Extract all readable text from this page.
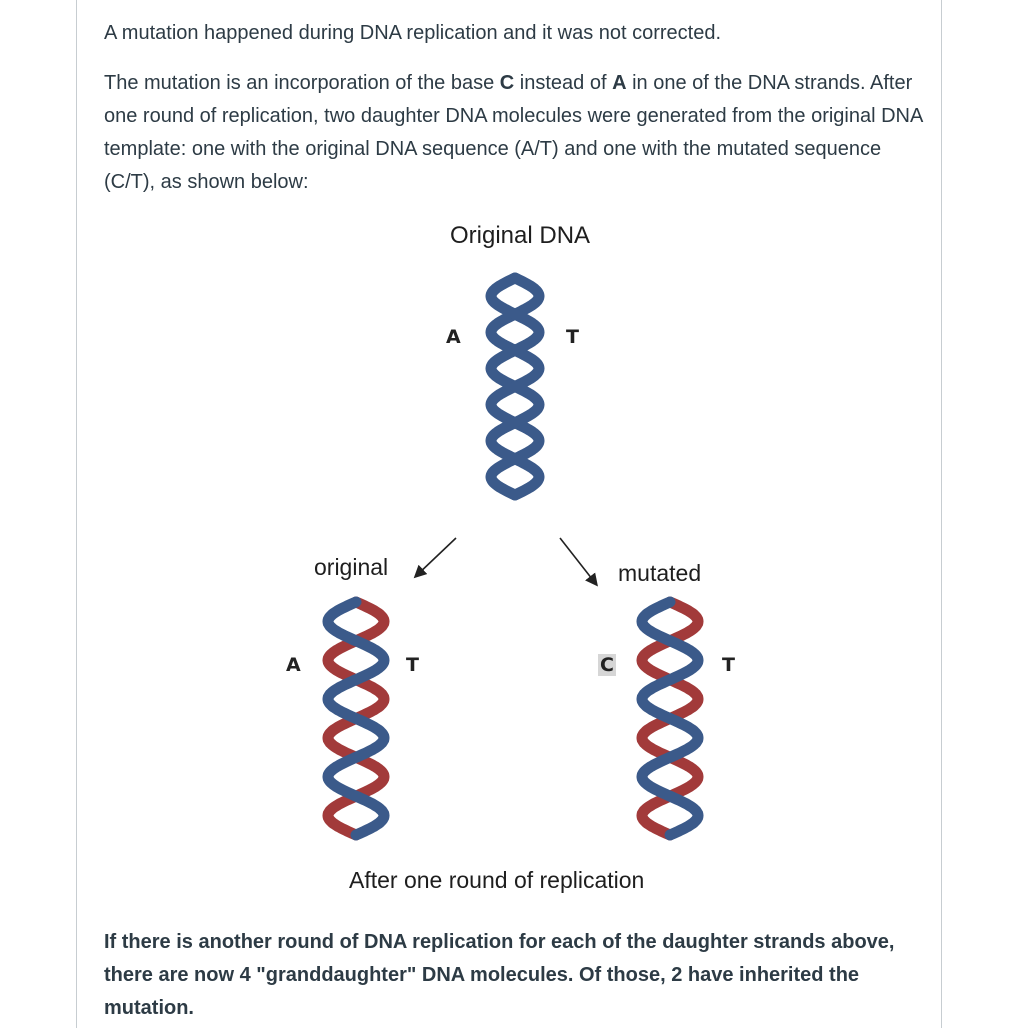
A mutation happened during DNA replication and it was not corrected.

The mutation is an incorporation of the base C instead of A in one of the DNA strands. After one round of replication, two daughter DNA molecules were generated from the original DNA template: one with the original DNA sequence (A/T) and one with the mutated sequence (C/T), as shown below:

Original DNA
A	T
original	mutated
A	T	C	T
After one round of replication

If there is another round of DNA replication for each of the daughter strands above, there are now 4 "granddaughter" DNA molecules. Of those, 2 have inherited the mutation.
